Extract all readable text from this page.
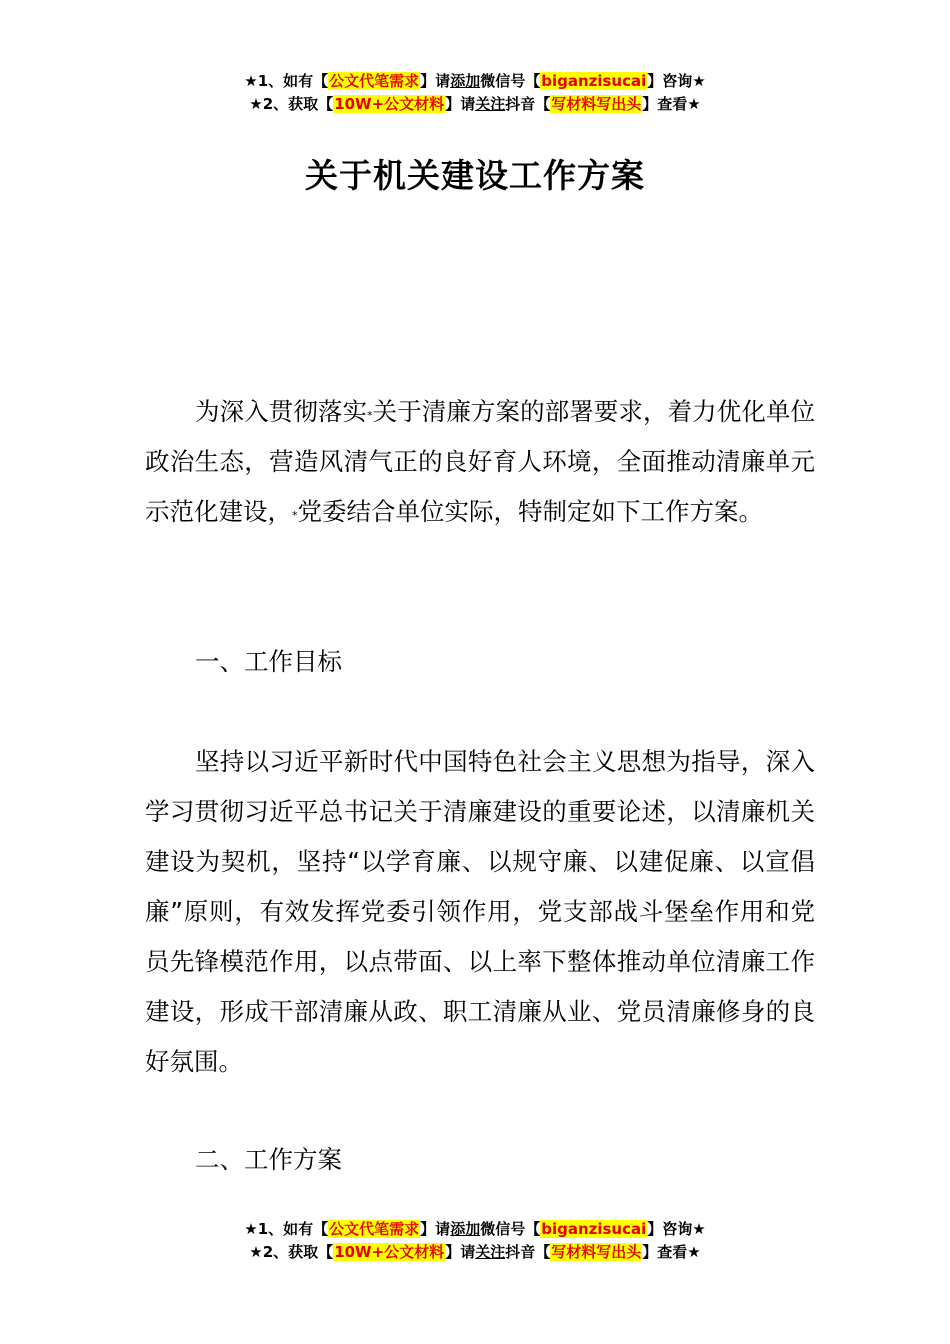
★1、如有【公文代笔需求】请添加微信号【biganzisucai】咨询★
★2、获取【10W+公文材料】请关注抖音【写材料写出头】查看★
关于机关建设工作方案

为深入贯彻落实*关于清廉方案的部署要求，着力优化单位政治生态，营造风清气正的良好育人环境，全面推动清廉单元示范化建设，*党委结合单位实际，特制定如下工作方案。

一、工作目标

坚持以习近平新时代中国特色社会主义思想为指导，深入学习贯彻习近平总书记关于清廉建设的重要论述，以清廉机关建设为契机，坚持“以学育廉、以规守廉、以建促廉、以宣倡廉”原则，有效发挥党委引领作用，党支部战斗堡垒作用和党员先锋模范作用，以点带面、以上率下整体推动单位清廉工作建设，形成干部清廉从政、职工清廉从业、党员清廉修身的良好氛围。

二、工作方案

★1、如有【公文代笔需求】请添加微信号【biganzisucai】咨询★
★2、获取【10W+公文材料】请关注抖音【写材料写出头】查看★
